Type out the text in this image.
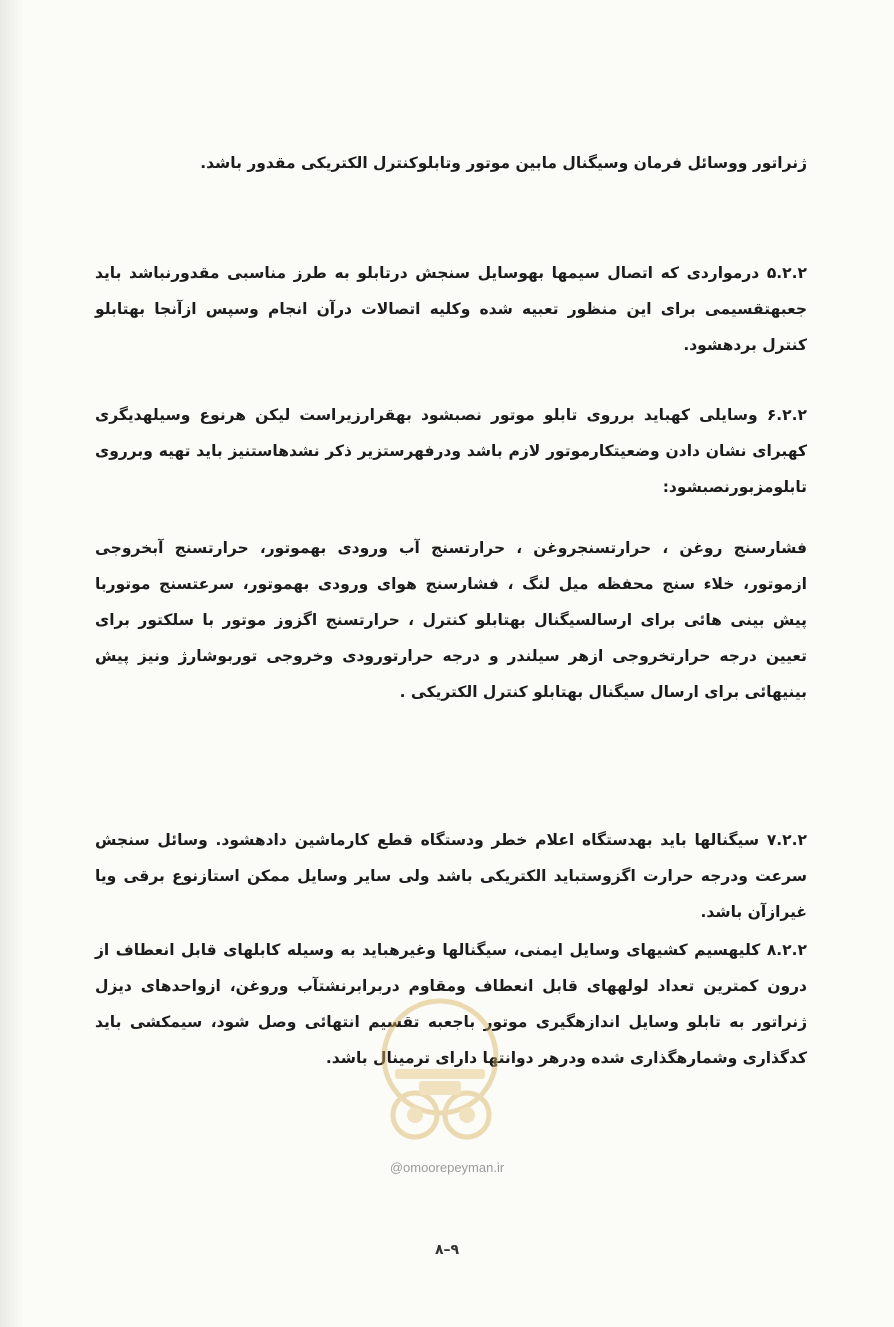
ژنراتور ووسائل فرمان وسیگنال مابین موتور وتابلوکنترل الکتریکی مقدور باشد.

۵.۲.۲ درمواردی که اتصال سیمها بهوسایل سنجش درتابلو به طرز مناسبی مقدورنباشد باید جعبهتقسیمی برای این منظور تعبیه شده وکلیه اتصالات درآن انجام وسپس ازآنجا بهتابلو کنترل بردهشود.

۶.۲.۲ وسایلی کهباید برروی تابلو موتور نصبشود بهقرارزیراست لیکن هرنوع وسیلهدیگری کهبرای نشان دادن وضعیتکارموتور لازم باشد ودرفهرستزیر ذکر نشدهاستنیز باید تهیه وبرروی تابلومزبورنصبشود:

فشارسنج روغن ، حرارتسنجروغن ، حرارتسنج آب ورودی بهموتور، حرارتسنج آبخروجی ازموتور، خلاء سنج محفظه میل لنگ ، فشارسنج هوای ورودی بهموتور، سرعتسنج موتوربا پیش بینی هائی برای ارسالسیگنال بهتابلو کنترل ، حرارتسنج اگزوز موتور با سلکتور برای تعیین درجه حرارتخروجی ازهر سیلندر و درجه حرارتورودی وخروجی توربوشارژ ونیز پیش بینیهائی برای ارسال سیگنال بهتابلو کنترل الکتریکی .

۷.۲.۲ سیگنالها باید بهدستگاه اعلام خطر ودستگاه قطع کارماشین دادهشود. وسائل سنجش سرعت ودرجه حرارت اگزوستباید الکتریکی باشد ولی سایر وسایل ممکن استازنوع برقی ویا غیرازآن باشد.

۸.۲.۲ کلیهسیم کشیهای وسایل ایمنی، سیگنالها وغیرهباید به وسیله کابلهای قابل انعطاف از درون کمترین تعداد لولههای قابل انعطاف ومقاوم دربرابرنشتآب وروغن، ازواحدهای دیزل ژنراتور به تابلو وسایل اندازهگیری موتور باجعبه تقسیم انتهائی وصل شود، سیمکشی باید کدگذاری وشمارهگذاری شده ودرهر دوانتها دارای ترمینال باشد.

@omoorepeyman.ir
۸–۹
